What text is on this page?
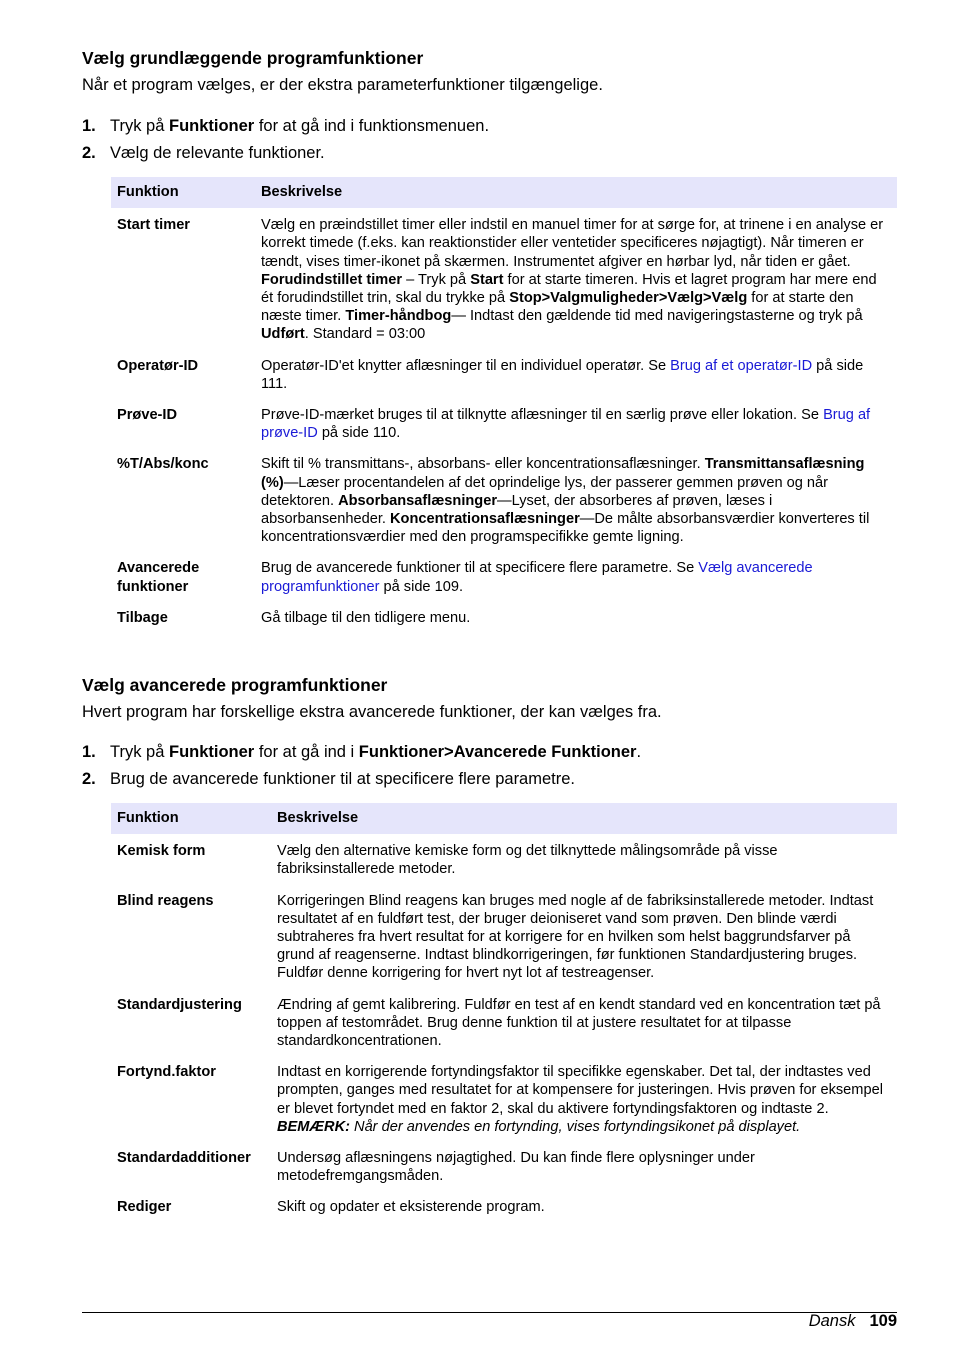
Vælg grundlæggende programfunktioner

Når et program vælges, er der ekstra parameterfunktioner tilgængelige.

1. Tryk på Funktioner for at gå ind i funktionsmenuen.
2. Vælg de relevante funktioner.
Funktion	Beskrivelse
Start timer	Vælg en præindstillet timer eller indstil en manuel timer for at sørge for, at trinene i en analyse er korrekt timede (f.eks. kan reaktionstider eller ventetider specificeres nøjagtigt). Når timeren er tændt, vises timer-ikonet på skærmen. Instrumentet afgiver en hørbar lyd, når tiden er gået. Forudindstillet timer – Tryk på Start for at starte timeren. Hvis et lagret program har mere end ét forudindstillet trin, skal du trykke på Stop>Valgmuligheder>Vælg>Vælg for at starte den næste timer. Timer-håndbog— Indtast den gældende tid med navigeringstasterne og tryk på Udført. Standard = 03:00
Operatør-ID	Operatør-ID'et knytter aflæsninger til en individuel operatør. Se Brug af et operatør-ID på side 111.
Prøve-ID	Prøve-ID-mærket bruges til at tilknytte aflæsninger til en særlig prøve eller lokation. Se Brug af prøve-ID på side 110.
%T/Abs/konc	Skift til % transmittans-, absorbans- eller koncentrationsaflæsninger. Transmittansaflæsning (%)—Læser procentandelen af det oprindelige lys, der passerer gemmen prøven og når detektoren. Absorbansaflæsninger—Lyset, der absorberes af prøven, læses i absorbansenheder. Koncentrationsaflæsninger—De målte absorbansværdier konverteres til koncentrationsværdier med den programspecifikke gemte ligning.
Avancerede funktioner	Brug de avancerede funktioner til at specificere flere parametre. Se Vælg avancerede programfunktioner på side 109.
Tilbage	Gå tilbage til den tidligere menu.
Vælg avancerede programfunktioner

Hvert program har forskellige ekstra avancerede funktioner, der kan vælges fra.

1. Tryk på Funktioner for at gå ind i Funktioner>Avancerede Funktioner.
2. Brug de avancerede funktioner til at specificere flere parametre.
Funktion	Beskrivelse
Kemisk form	Vælg den alternative kemiske form og det tilknyttede målingsområde på visse fabriksinstallerede metoder.
Blind reagens	Korrigeringen Blind reagens kan bruges med nogle af de fabriksinstallerede metoder. Indtast resultatet af en fuldført test, der bruger deioniseret vand som prøven. Den blinde værdi subtraheres fra hvert resultat for at korrigere for en hvilken som helst baggrundsfarver på grund af reagenserne. Indtast blindkorrigeringen, før funktionen Standardjustering bruges. Fuldfør denne korrigering for hvert nyt lot af testreagenser.
Standardjustering	Ændring af gemt kalibrering. Fuldfør en test af en kendt standard ved en koncentration tæt på toppen af testområdet. Brug denne funktion til at justere resultatet for at tilpasse standardkoncentrationen.
Fortynd.faktor	Indtast en korrigerende fortyndingsfaktor til specifikke egenskaber. Det tal, der indtastes ved prompten, ganges med resultatet for at kompensere for justeringen. Hvis prøven for eksempel er blevet fortyndet med en faktor 2, skal du aktivere fortyndingsfaktoren og indtaste 2.
BEMÆRK: Når der anvendes en fortynding, vises fortyndingsikonet på displayet.
Standardadditioner	Undersøg aflæsningens nøjagtighed. Du kan finde flere oplysninger under metodefremgangsmåden.
Rediger	Skift og opdater et eksisterende program.
Dansk 109
